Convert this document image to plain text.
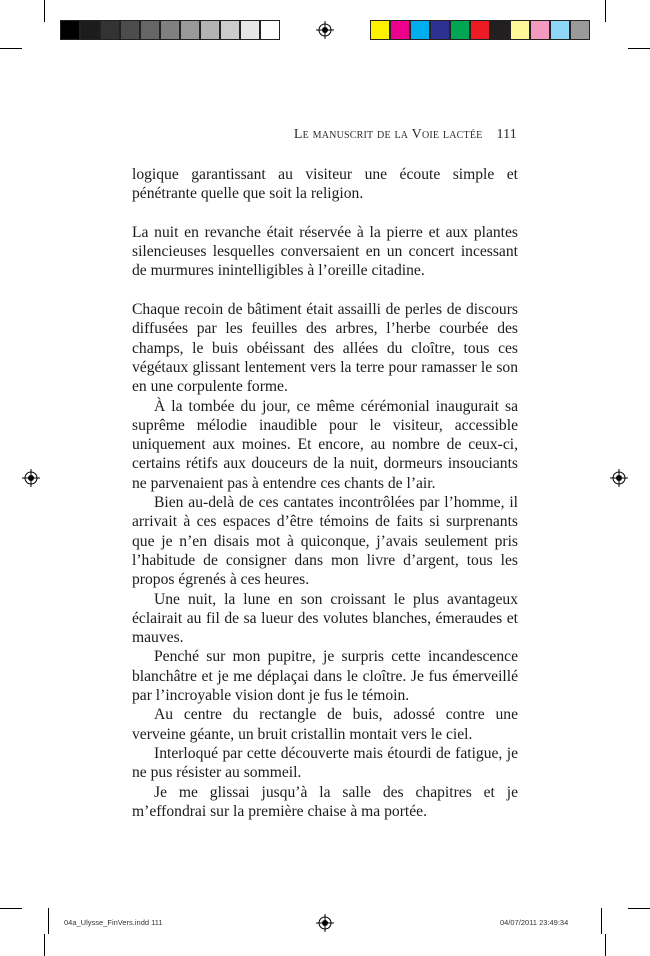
Le manuscrit de la Voie lactée 111

logique garantissant au visiteur une écoute simple et pénétrante quelle que soit la religion.

La nuit en revanche était réservée à la pierre et aux plantes silencieuses lesquelles conversaient en un concert incessant de murmures inintelligibles à l’oreille citadine.

Chaque recoin de bâtiment était assailli de perles de discours diffusées par les feuilles des arbres, l’herbe courbée des champs, le buis obéissant des allées du cloître, tous ces végétaux glissant lentement vers la terre pour ramasser le son en une corpulente forme.

À la tombée du jour, ce même cérémonial inaugurait sa suprême mélodie inaudible pour le visiteur, accessible uniquement aux moines. Et encore, au nombre de ceux-ci, certains rétifs aux douceurs de la nuit, dormeurs insouciants ne parvenaient pas à entendre ces chants de l’air.

Bien au-delà de ces cantates incontrôlées par l’homme, il arrivait à ces espaces d’être témoins de faits si surprenants que je n’en disais mot à quiconque, j’avais seulement pris l’habitude de consigner dans mon livre d’argent, tous les propos égrenés à ces heures.

Une nuit, la lune en son croissant le plus avantageux éclairait au fil de sa lueur des volutes blanches, émeraudes et mauves.

Penché sur mon pupitre, je surpris cette incandescence blanchâtre et je me déplaçai dans le cloître. Je fus émerveillé par l’incroyable vision dont je fus le témoin.

Au centre du rectangle de buis, adossé contre une verveine géante, un bruit cristallin montait vers le ciel.

Interloqué par cette découverte mais étourdi de fatigue, je ne pus résister au sommeil.

Je me glissai jusqu’à la salle des chapitres et je m’effondrai sur la première chaise à ma portée.

04a_Ulysse_FinVers.indd 111	04/07/2011 23:49:34
